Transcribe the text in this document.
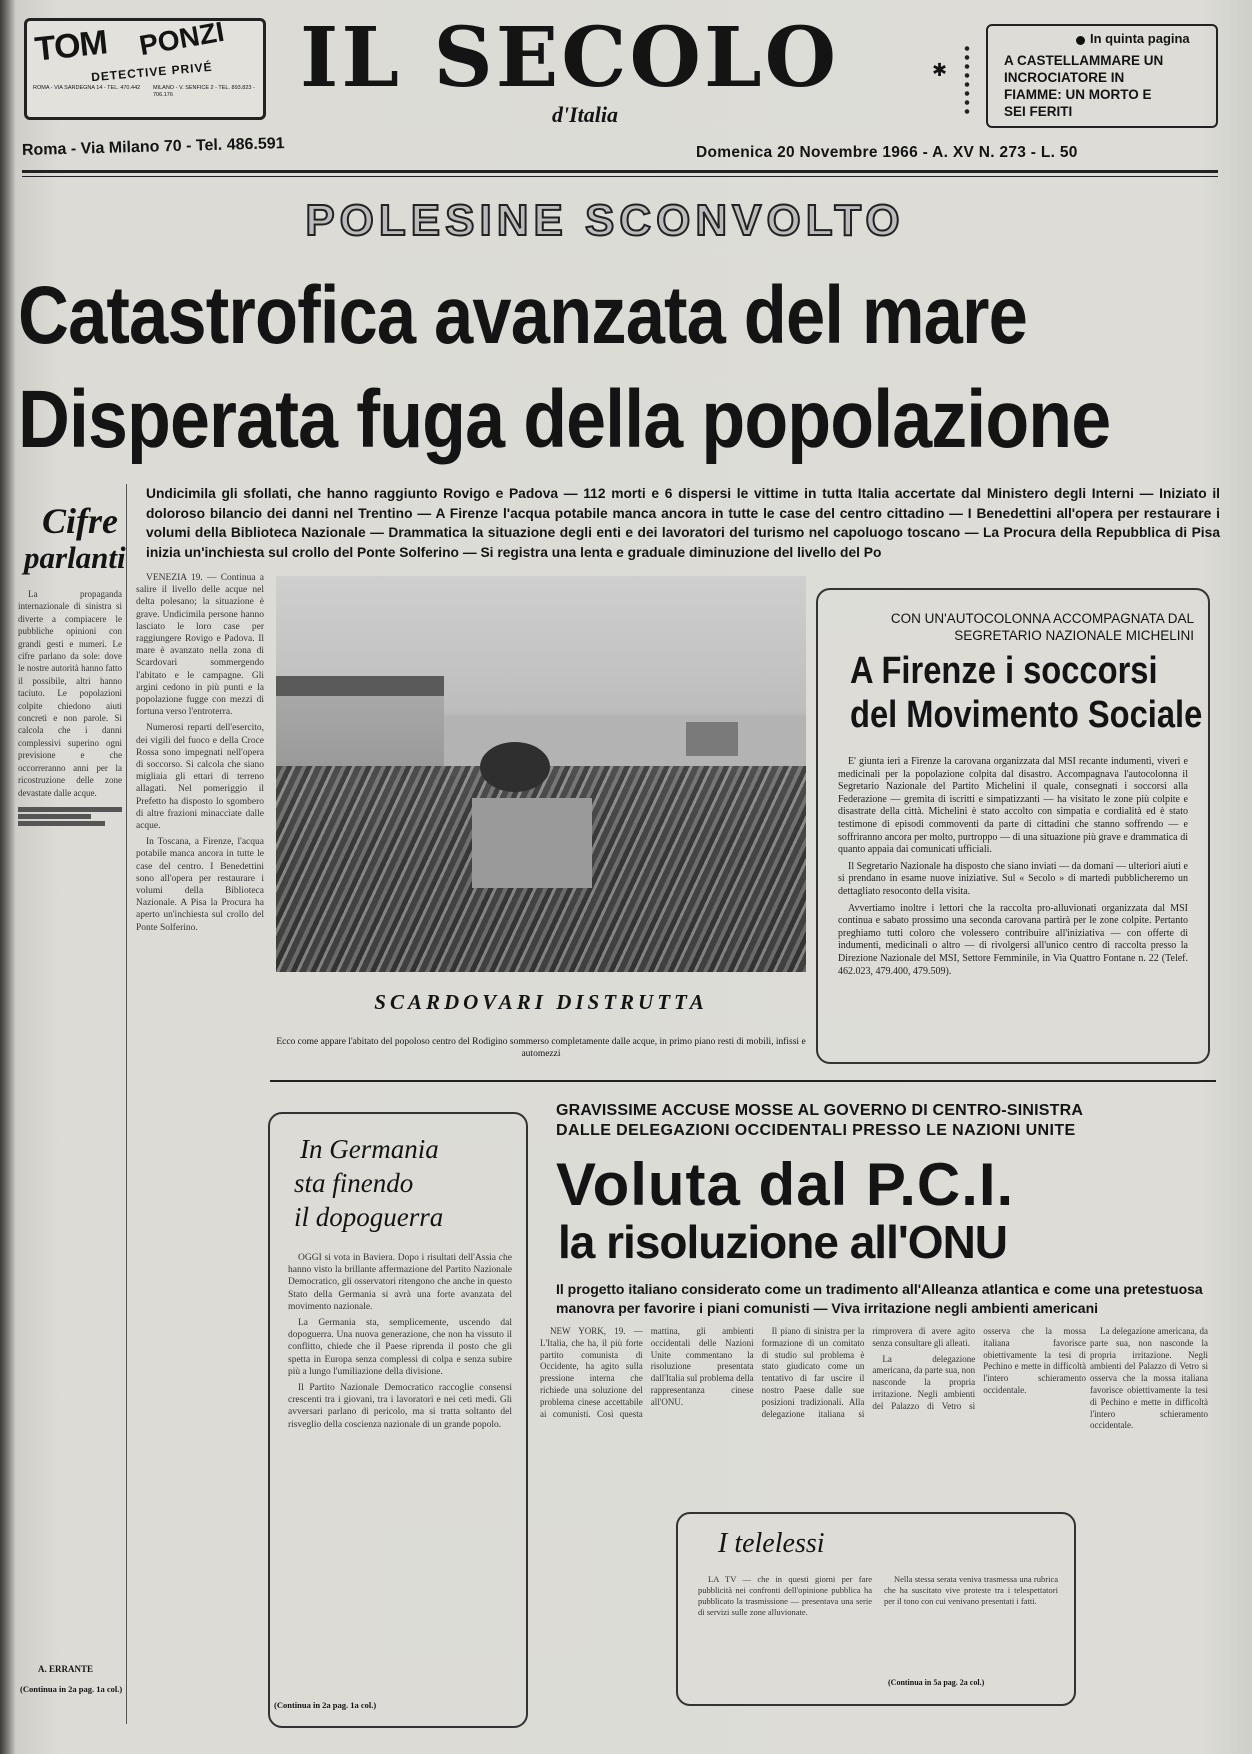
TOM PONZI
DETECTIVE PRIVÉ
ROMA - VIA SARDEGNA 14 - TEL. 470.442 MILANO - V. SENFICE 2 - TEL. 893.823 - 706.176	IL SECOLO	✱
d'Italia
In quinta pagina
A CASTELLAMMARE UN INCROCIATORE IN FIAMME: UN MORTO E SEI FERITI
Roma - Via Milano 70 - Tel. 486.591	Domenica 20 Novembre 1966 - A. XV N. 273 - L. 50
POLESINE SCONVOLTO
Catastrofica avanzata del mare
Disperata fuga della popolazione
Undicimila gli sfollati, che hanno raggiunto Rovigo e Padova — 112 morti e 6 dispersi le vittime in tutta Italia accertate dal Ministero degli Interni — Iniziato il doloroso bilancio dei danni nel Trentino — A Firenze l'acqua potabile manca ancora in tutte le case del centro cittadino — I Benedettini all'opera per restaurare i volumi della Biblioteca Nazionale — Drammatica la situazione degli enti e dei lavoratori del turismo nel capoluogo toscano — La Procura della Repubblica di Pisa inizia un'inchiesta sul crollo del Ponte Solferino — Si registra una lenta e graduale diminuzione del livello del Po
Cifre
parlanti

La propaganda internazionale di sinistra si diverte a compiacere le pubbliche opinioni con grandi gesti e numeri. Le cifre parlano da sole: dove le nostre autorità hanno fatto il possibile, altri hanno taciuto. Le popolazioni colpite chiedono aiuti concreti e non parole. Si calcola che i danni complessivi superino ogni previsione e che occorreranno anni per la ricostruzione delle zone devastate dalle acque.

A. ERRANTE
(Continua in 2a pag. 1a col.)

VENEZIA 19. — Continua a salire il livello delle acque nel delta polesano; la situazione è grave. Undicimila persone hanno lasciato le loro case per raggiungere Rovigo e Padova. Il mare è avanzato nella zona di Scardovari sommergendo l'abitato e le campagne. Gli argini cedono in più punti e la popolazione fugge con mezzi di fortuna verso l'entroterra.

Numerosi reparti dell'esercito, dei vigili del fuoco e della Croce Rossa sono impegnati nell'opera di soccorso. Si calcola che siano migliaia gli ettari di terreno allagati. Nel pomeriggio il Prefetto ha disposto lo sgombero di altre frazioni minacciate dalle acque.

In Toscana, a Firenze, l'acqua potabile manca ancora in tutte le case del centro. I Benedettini sono all'opera per restaurare i volumi della Biblioteca Nazionale. A Pisa la Procura ha aperto un'inchiesta sul crollo del Ponte Solferino.

SCARDOVARI DISTRUTTA
Ecco come appare l'abitato del popoloso centro del Rodigino sommerso completamente dalle acque, in primo piano resti di mobili, infissi e automezzi
CON UN'AUTOCOLONNA ACCOMPAGNATA DAL SEGRETARIO NAZIONALE MICHELINI
A Firenze i soccorsi
del Movimento Sociale

E' giunta ieri a Firenze la carovana organizzata dal MSI recante indumenti, viveri e medicinali per la popolazione colpita dal disastro. Accompagnava l'autocolonna il Segretario Nazionale del Partito Michelini il quale, consegnati i soccorsi alla Federazione — gremita di iscritti e simpatizzanti — ha visitato le zone più colpite e disastrate della città. Michelini è stato accolto con simpatia e cordialità ed è stato testimone di episodi commoventi da parte di cittadini che stanno soffrendo — e soffriranno ancora per molto, purtroppo — di una situazione più grave e drammatica di quanto appaia dai comunicati ufficiali.

Il Segretario Nazionale ha disposto che siano inviati — da domani — ulteriori aiuti e si prendano in esame nuove iniziative. Sul « Secolo » di martedì pubblicheremo un dettagliato resoconto della visita.

Avvertiamo inoltre i lettori che la raccolta pro-alluvionati organizzata dal MSI continua e sabato prossimo una seconda carovana partirà per le zone colpite. Pertanto preghiamo tutti coloro che volessero contribuire all'iniziativa — con offerte di indumenti, medicinali o altro — di rivolgersi all'unico centro di raccolta presso la Direzione Nazionale del MSI, Settore Femminile, in Via Quattro Fontane n. 22 (Telef. 462.023, 479.400, 479.509).

In Germania
sta finendo
il dopoguerra

OGGI si vota in Baviera. Dopo i risultati dell'Assia che hanno visto la brillante affermazione del Partito Nazionale Democratico, gli osservatori ritengono che anche in questo Stato della Germania si avrà una forte avanzata del movimento nazionale.

La Germania sta, semplicemente, uscendo dal dopoguerra. Una nuova generazione, che non ha vissuto il conflitto, chiede che il Paese riprenda il posto che gli spetta in Europa senza complessi di colpa e senza subire più a lungo l'umiliazione della divisione.

Il Partito Nazionale Democratico raccoglie consensi crescenti tra i giovani, tra i lavoratori e nei ceti medi. Gli avversari parlano di pericolo, ma si tratta soltanto del risveglio della coscienza nazionale di un grande popolo.

(Continua in 2a pag. 1a col.)
GRAVISSIME ACCUSE MOSSE AL GOVERNO DI CENTRO-SINISTRA
DALLE DELEGAZIONI OCCIDENTALI PRESSO LE NAZIONI UNITE
Voluta dal P.C.I.
la risoluzione all'ONU
Il progetto italiano considerato come un tradimento all'Alleanza atlantica e come una pretestuosa manovra per favorire i piani comunisti — Viva irritazione negli ambienti americani

NEW YORK, 19. — L'Italia, che ha, il più forte partito comunista di Occidente, ha agito sulla pressione interna che richiede una soluzione del problema cinese accettabile ai comunisti. Così questa mattina, gli ambienti occidentali delle Nazioni Unite commentano la risoluzione presentata dall'Italia sul problema della rappresentanza cinese all'ONU.

Il piano di sinistra per la formazione di un comitato di studio sul problema è stato giudicato come un tentativo di far uscire il nostro Paese dalle sue posizioni tradizionali. Alla delegazione italiana si rimprovera di avere agito senza consultare gli alleati.

La delegazione americana, da parte sua, non nasconde la propria irritazione. Negli ambienti del Palazzo di Vetro si osserva che la mossa italiana favorisce obiettivamente la tesi di Pechino e mette in difficoltà l'intero schieramento occidentale.

La delegazione americana, da parte sua, non nasconde la propria irritazione. Negli ambienti del Palazzo di Vetro si osserva che la mossa italiana favorisce obiettivamente la tesi di Pechino e mette in difficoltà l'intero schieramento occidentale.

I telelessi

LA TV — che in questi giorni per fare pubblicità nei confronti dell'opinione pubblica ha pubblicato la trasmissione — presentava una serie di servizi sulle zone alluvionate.

Nella stessa serata veniva trasmessa una rubrica che ha suscitato vive proteste tra i telespettatori per il tono con cui venivano presentati i fatti.

(Continua in 5a pag. 2a col.)
